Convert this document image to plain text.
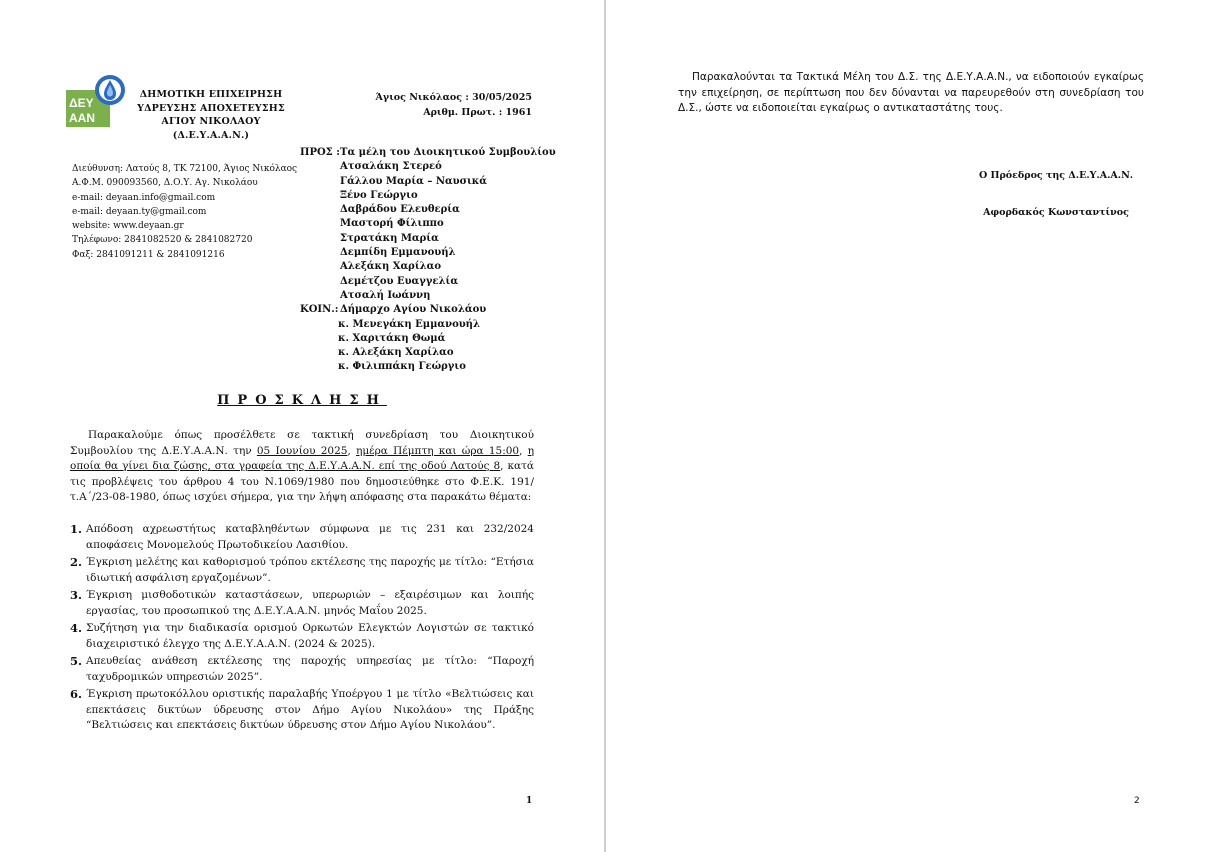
ΔΕΥ
ΑΑΝ
ΔΗΜΟΤΙΚΗ ΕΠΙΧΕΙΡΗΣΗ
ΥΔΡΕΥΣΗΣ ΑΠΟΧΕΤΕΥΣΗΣ
ΑΓΙΟΥ ΝΙΚΟΛΑΟΥ
(Δ.Ε.Υ.Α.Α.Ν.)
Άγιος Νικόλαος : 30/05/2025
Αριθμ. Πρωτ. : 1961
Διεύθυνση: Λατούς 8, ΤΚ 72100, Άγιος Νικόλαος
Α.Φ.Μ. 090093560, Δ.Ο.Υ. Αγ. Νικολάου
e-mail: deyaan.info@gmail.com
e-mail: deyaan.ty@gmail.com
website: www.deyaan.gr
Τηλέφωνο: 2841082520 & 2841082720
Φαξ: 2841091211 & 2841091216
ΠΡΟΣ : Τα μέλη του Διοικητικού Συμβουλίου
Ατσαλάκη Στερεό
Γάλλου Μαρία – Ναυσικά
Ξένο Γεώργιο
Δαβράδου Ελευθερία
Μαστορή Φίλιππο
Στρατάκη Μαρία
Δεμπίδη Εμμανουήλ
Αλεξάκη Χαρίλαο
Δεμέτζου Ευαγγελία
Ατσαλή Ιωάννη
ΚΟΙΝ.: Δήμαρχο Αγίου Νικολάου
κ. Μενεγάκη Εμμανουήλ
κ. Χαριτάκη Θωμά
κ. Αλεξάκη Χαρίλαο
κ. Φιλιππάκη Γεώργιο
ΠΡΟΣΚΛΗΣΗ

Παρακαλούμε όπως προσέλθετε σε τακτική συνεδρίαση του Διοικητικού Συμβουλίου της Δ.Ε.Υ.Α.Α.Ν. την 05 Ιουνίου 2025, ημέρα Πέμπτη και ώρα 15:00, η οποία θα γίνει δια ζώσης, στα γραφεία της Δ.Ε.Υ.Α.Α.Ν. επί της οδού Λατούς 8, κατά τις προβλέψεις του άρθρου 4 του Ν.1069/1980 που δημοσιεύθηκε στο Φ.Ε.Κ. 191/τ.Α΄/23-08-1980, όπως ισχύει σήμερα, για την λήψη απόφασης στα παρακάτω θέματα:

1. Απόδοση αχρεωστήτως καταβληθέντων σύμφωνα με τις 231 και 232/2024 αποφάσεις Μονομελούς Πρωτοδικείου Λασιθίου.
2. Έγκριση μελέτης και καθορισμού τρόπου εκτέλεσης της παροχής με τίτλο: “Ετήσια ιδιωτική ασφάλιση εργαζομένων”.
3. Έγκριση μισθοδοτικών καταστάσεων, υπερωριών – εξαιρέσιμων και λοιπής εργασίας, του προσωπικού της Δ.Ε.Υ.Α.Α.Ν. μηνός Μαΐου 2025.
4. Συζήτηση για την διαδικασία ορισμού Ορκωτών Ελεγκτών Λογιστών σε τακτικό διαχειριστικό έλεγχο της Δ.Ε.Υ.Α.Α.Ν. (2024 & 2025).
5. Απευθείας ανάθεση εκτέλεσης της παροχής υπηρεσίας με τίτλο: “Παροχή ταχυδρομικών υπηρεσιών 2025”.
6. Έγκριση πρωτοκόλλου οριστικής παραλαβής Υποέργου 1 με τίτλο «Βελτιώσεις και επεκτάσεις δικτύων ύδρευσης στον Δήμο Αγίου Νικολάου» της Πράξης “Βελτιώσεις και επεκτάσεις δικτύων ύδρευσης στον Δήμο Αγίου Νικολάου”.
1

Παρακαλούνται τα Τακτικά Μέλη του Δ.Σ. της Δ.Ε.Υ.Α.Α.Ν., να ειδοποιούν εγκαίρως την επιχείρηση, σε περίπτωση που δεν δύνανται να παρευρεθούν στη συνεδρίαση του Δ.Σ., ώστε να ειδοποιείται εγκαίρως ο αντικαταστάτης τους.

Ο Πρόεδρος της Δ.Ε.Υ.Α.Α.Ν.
Αφορδακός Κωνσταντίνος
2
